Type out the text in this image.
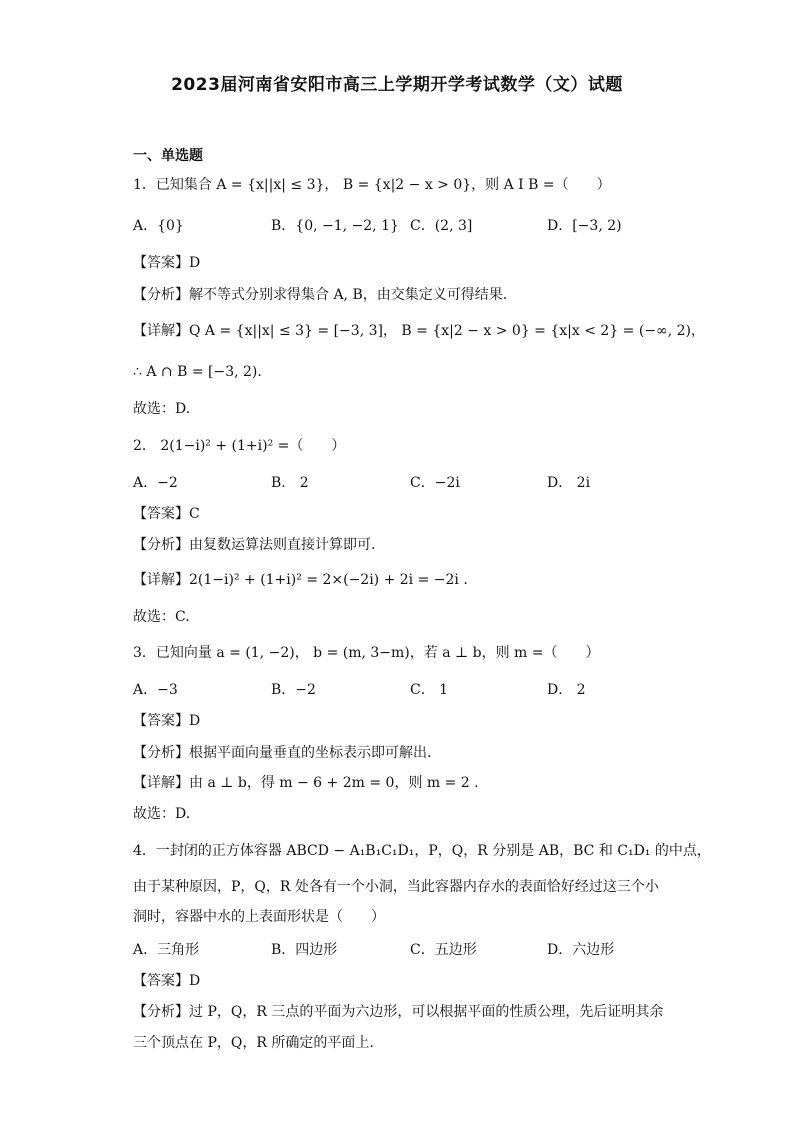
2023届河南省安阳市高三上学期开学考试数学（文）试题
一、单选题
1．已知集合 A = {x||x| ≤ 3}， B = {x|2 − x > 0}，则 A I B =（　　）
A．{0}	B．{0, −1, −2, 1} C．(2, 3]	D．[−3, 2)
【答案】D
【分析】解不等式分别求得集合 A, B，由交集定义可得结果.
【详解】Q A = {x||x| ≤ 3} = [−3, 3]， B = {x|2 − x > 0} = {x|x < 2} = (−∞, 2)，
∴ A ∩ B = [−3, 2).
故选：D.
2． 2(1−i)² + (1+i)² =（　　）
A．−2	B． 2	C．−2i	D． 2i
【答案】C
【分析】由复数运算法则直接计算即可.
【详解】2(1−i)² + (1+i)² = 2×(−2i) + 2i = −2i .
故选：C.
3．已知向量 a = (1, −2)， b = (m, 3−m)，若 a ⊥ b，则 m =（　　）
A．−3	B．−2	C． 1	D． 2
【答案】D
【分析】根据平面向量垂直的坐标表示即可解出.
【详解】由 a ⊥ b，得 m − 6 + 2m = 0，则 m = 2 .
故选：D.
4．一封闭的正方体容器 ABCD − A₁B₁C₁D₁，P，Q，R 分别是 AB，BC 和 C₁D₁ 的中点，
由于某种原因，P，Q，R 处各有一个小洞，当此容器内存水的表面恰好经过这三个小
洞时，容器中水的上表面形状是（　　）
A．三角形	B．四边形	C．五边形	D．六边形
【答案】D
【分析】过 P，Q，R 三点的平面为六边形，可以根据平面的性质公理，先后证明其余
三个顶点在 P，Q，R 所确定的平面上.
